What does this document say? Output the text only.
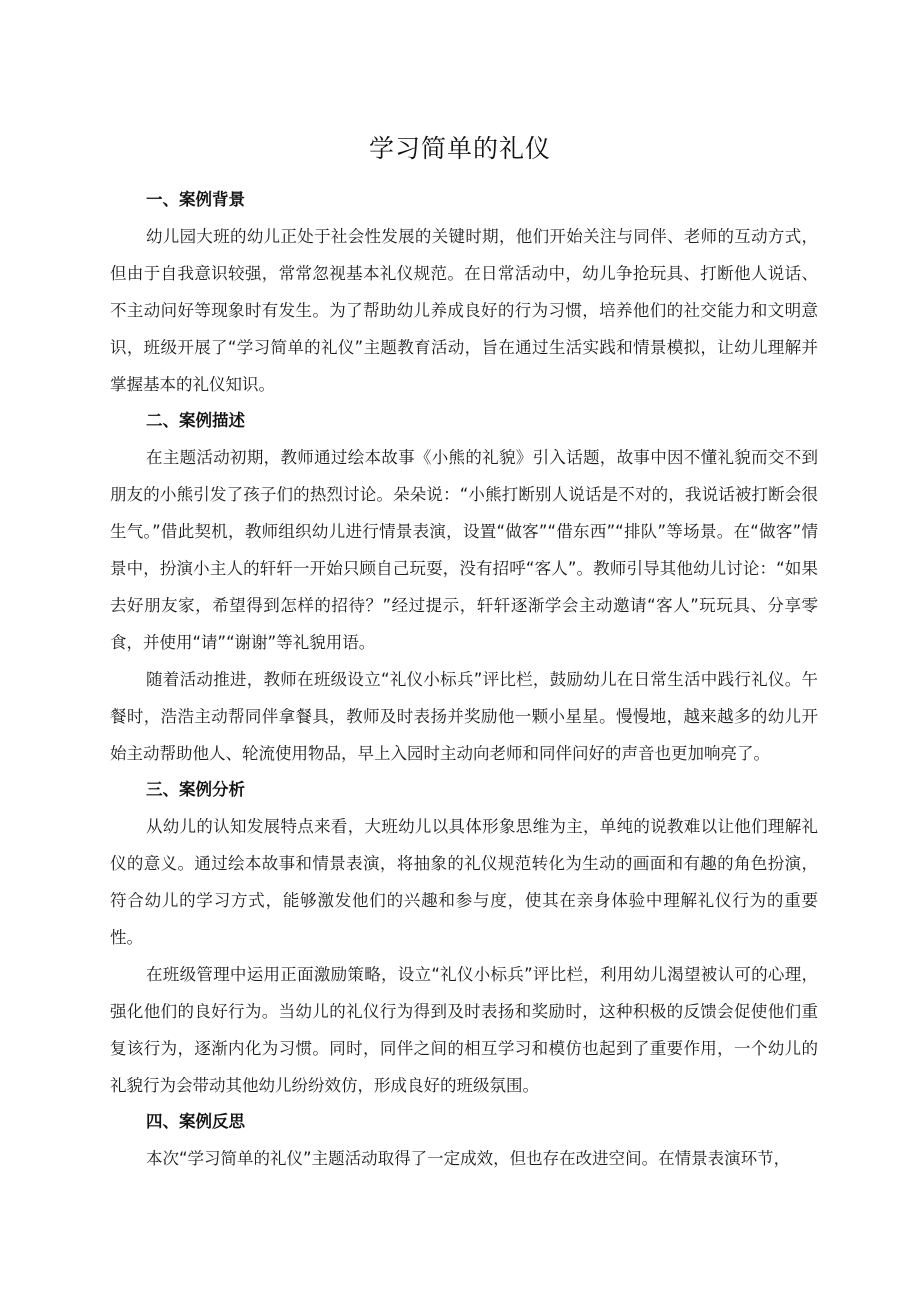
学习简单的礼仪

一、案例背景

幼儿园大班的幼儿正处于社会性发展的关键时期，他们开始关注与同伴、老师的互动方式，但由于自我意识较强，常常忽视基本礼仪规范。在日常活动中，幼儿争抢玩具、打断他人说话、不主动问好等现象时有发生。为了帮助幼儿养成良好的行为习惯，培养他们的社交能力和文明意识，班级开展了“学习简单的礼仪”主题教育活动，旨在通过生活实践和情景模拟，让幼儿理解并掌握基本的礼仪知识。

二、案例描述

在主题活动初期，教师通过绘本故事《小熊的礼貌》引入话题，故事中因不懂礼貌而交不到朋友的小熊引发了孩子们的热烈讨论。朵朵说：“小熊打断别人说话是不对的，我说话被打断会很生气。”借此契机，教师组织幼儿进行情景表演，设置“做客”“借东西”“排队”等场景。在“做客”情景中，扮演小主人的轩轩一开始只顾自己玩耍，没有招呼“客人”。教师引导其他幼儿讨论：“如果去好朋友家，希望得到怎样的招待？”经过提示，轩轩逐渐学会主动邀请“客人”玩玩具、分享零食，并使用“请”“谢谢”等礼貌用语。

随着活动推进，教师在班级设立“礼仪小标兵”评比栏，鼓励幼儿在日常生活中践行礼仪。午餐时，浩浩主动帮同伴拿餐具，教师及时表扬并奖励他一颗小星星。慢慢地，越来越多的幼儿开始主动帮助他人、轮流使用物品，早上入园时主动向老师和同伴问好的声音也更加响亮了。

三、案例分析

从幼儿的认知发展特点来看，大班幼儿以具体形象思维为主，单纯的说教难以让他们理解礼仪的意义。通过绘本故事和情景表演，将抽象的礼仪规范转化为生动的画面和有趣的角色扮演，符合幼儿的学习方式，能够激发他们的兴趣和参与度，使其在亲身体验中理解礼仪行为的重要性。

在班级管理中运用正面激励策略，设立“礼仪小标兵”评比栏，利用幼儿渴望被认可的心理，强化他们的良好行为。当幼儿的礼仪行为得到及时表扬和奖励时，这种积极的反馈会促使他们重复该行为，逐渐内化为习惯。同时，同伴之间的相互学习和模仿也起到了重要作用，一个幼儿的礼貌行为会带动其他幼儿纷纷效仿，形成良好的班级氛围。

四、案例反思

本次“学习简单的礼仪”主题活动取得了一定成效，但也存在改进空间。在情景表演环节，
